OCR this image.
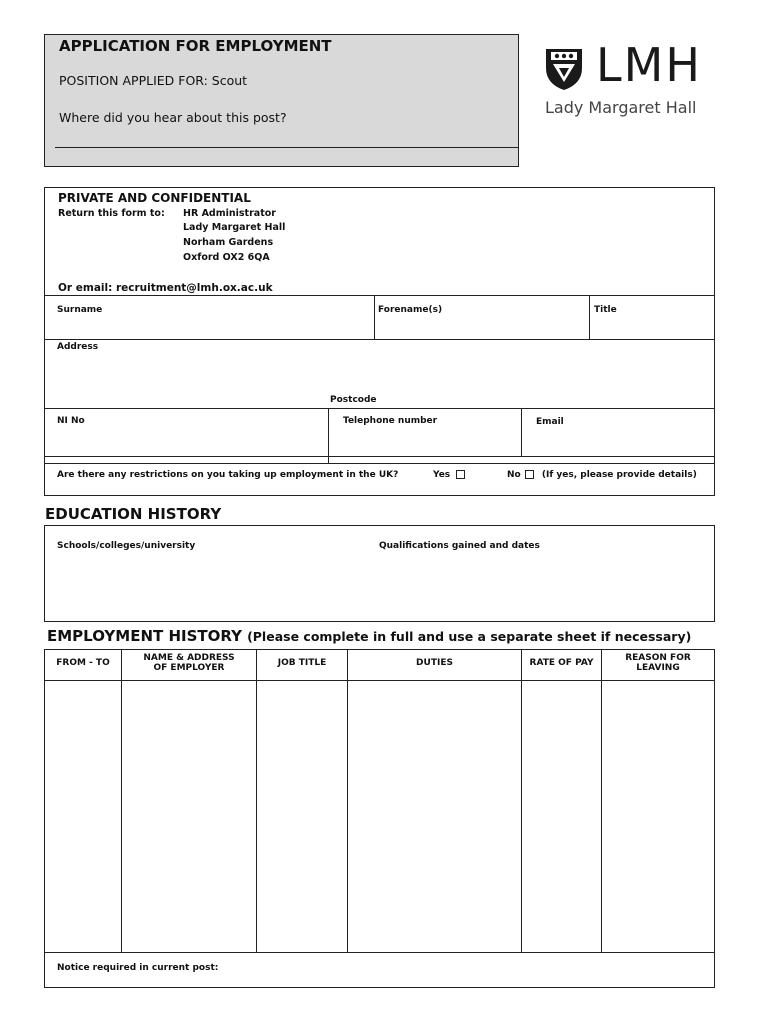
APPLICATION FOR EMPLOYMENT
POSITION APPLIED FOR: Scout
Where did you hear about this post?
LMH
Lady Margaret Hall
PRIVATE AND CONFIDENTIAL
Return this form to: HR Administrator
Lady Margaret Hall
Norham Gardens
Oxford OX2 6QA
Or email: recruitment@lmh.ox.ac.uk
Surname	Forename(s)	Title
Address
Postcode
NI No	Telephone number	Email
Are there any restrictions on you taking up employment in the UK?	Yes	No (If yes, please provide details)
EDUCATION HISTORY
Schools/colleges/university	Qualifications gained and dates
EMPLOYMENT HISTORY (Please complete in full and use a separate sheet if necessary)
FROM - TO	NAME & ADDRESS OF EMPLOYER	JOB TITLE	DUTIES	RATE OF PAY	REASON FOR LEAVING
Notice required in current post:
